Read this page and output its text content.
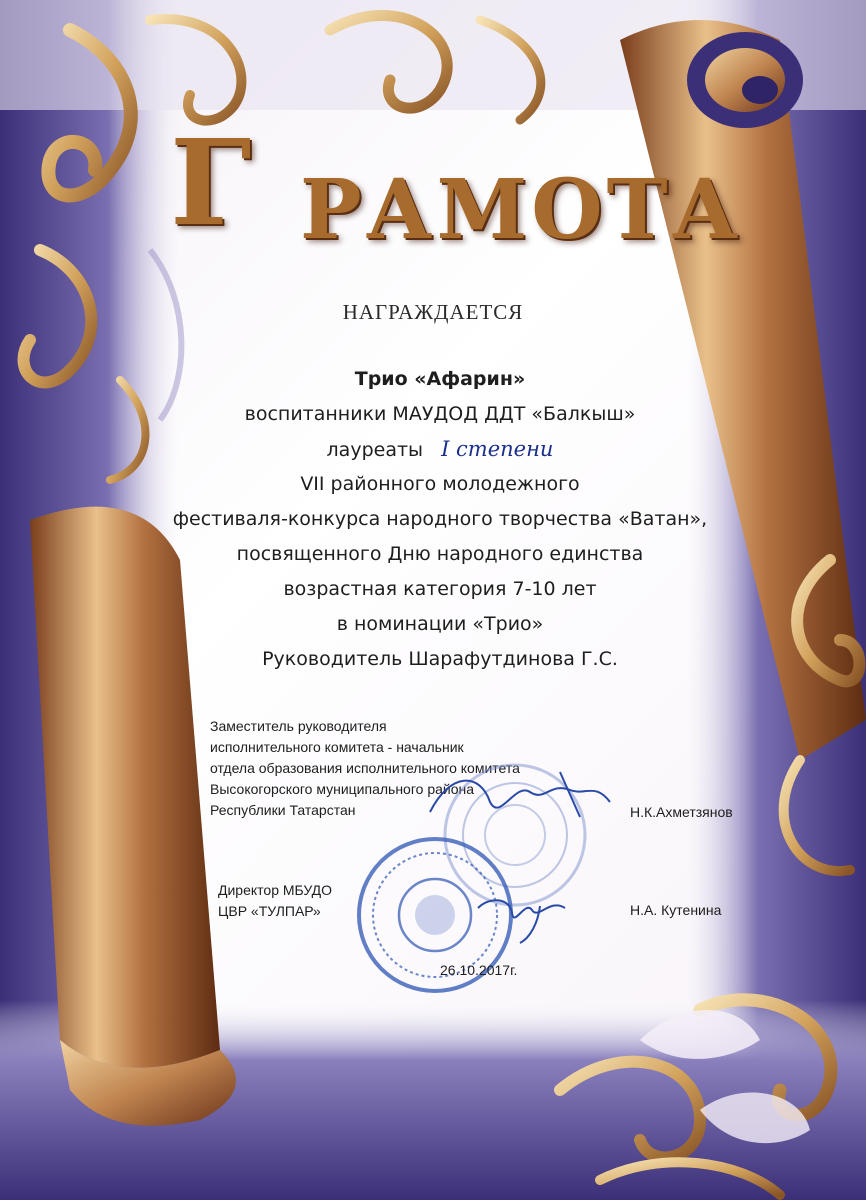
Г РАМОТА
НАГРАЖДАЕТСЯ
Трио «Афарин»
воспитанники МАУДОД ДДТ «Балкыш»
лауреаты I степени
VII районного молодежного
фестиваля-конкурса народного творчества «Ватан»,
посвященного Дню народного единства
возрастная категория 7-10 лет
в номинации «Трио»
Руководитель Шарафутдинова Г.С.
Заместитель руководителя
исполнительного комитета - начальник
отдела образования исполнительного комитета
Высокогорского муниципального района
Республики Татарстан	Н.К.Ахметзянов
Директор МБУДО
ЦВР «ТУЛПАР»	Н.А. Кутенина
26.10.2017г.
